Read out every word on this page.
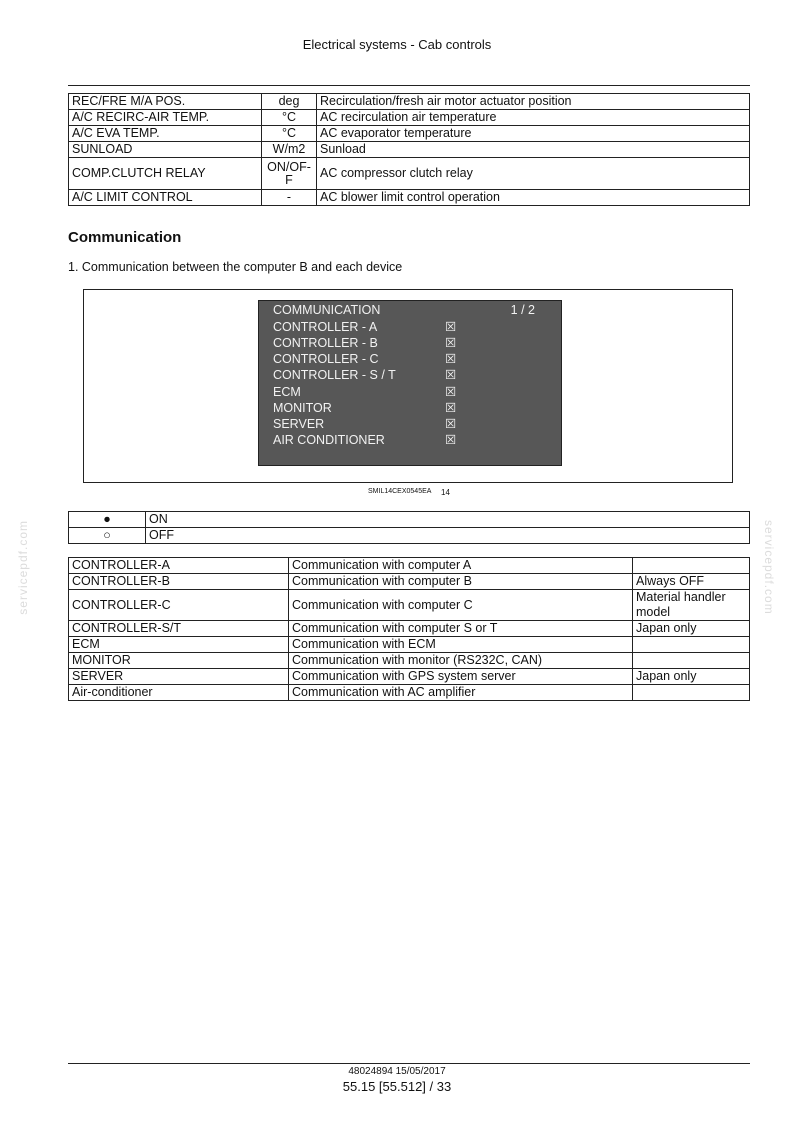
Electrical systems - Cab controls
REC/FRE M/A POS.	deg	Recirculation/fresh air motor actuator position
A/C RECIRC-AIR TEMP.	°C	AC recirculation air temperature
A/C EVA TEMP.	°C	AC evaporator temperature
SUNLOAD	W/m2	Sunload
COMP.CLUTCH RELAY	ON/OF-F	AC compressor clutch relay
A/C LIMIT CONTROL	-	AC blower limit control operation
Communication
1. Communication between the computer B and each device
COMMUNICATION	1 / 2
CONTROLLER - A	☒
CONTROLLER - B	☒
CONTROLLER - C	☒
CONTROLLER - S / T	☒
ECM	☒
MONITOR	☒
SERVER	☒
AIR CONDITIONER	☒
SMIL14CEX0545EA 14
●	ON
○	OFF
CONTROLLER-A	Communication with computer A	
CONTROLLER-B	Communication with computer B	Always OFF
CONTROLLER-C	Communication with computer C	Material handler model
CONTROLLER-S/T	Communication with computer S or T	Japan only
ECM	Communication with ECM	
MONITOR	Communication with monitor (RS232C, CAN)	
SERVER	Communication with GPS system server	Japan only
Air-conditioner	Communication with AC amplifier	
servicepdf.com	servicepdf.com
48024894 15/05/2017
55.15 [55.512] / 33
